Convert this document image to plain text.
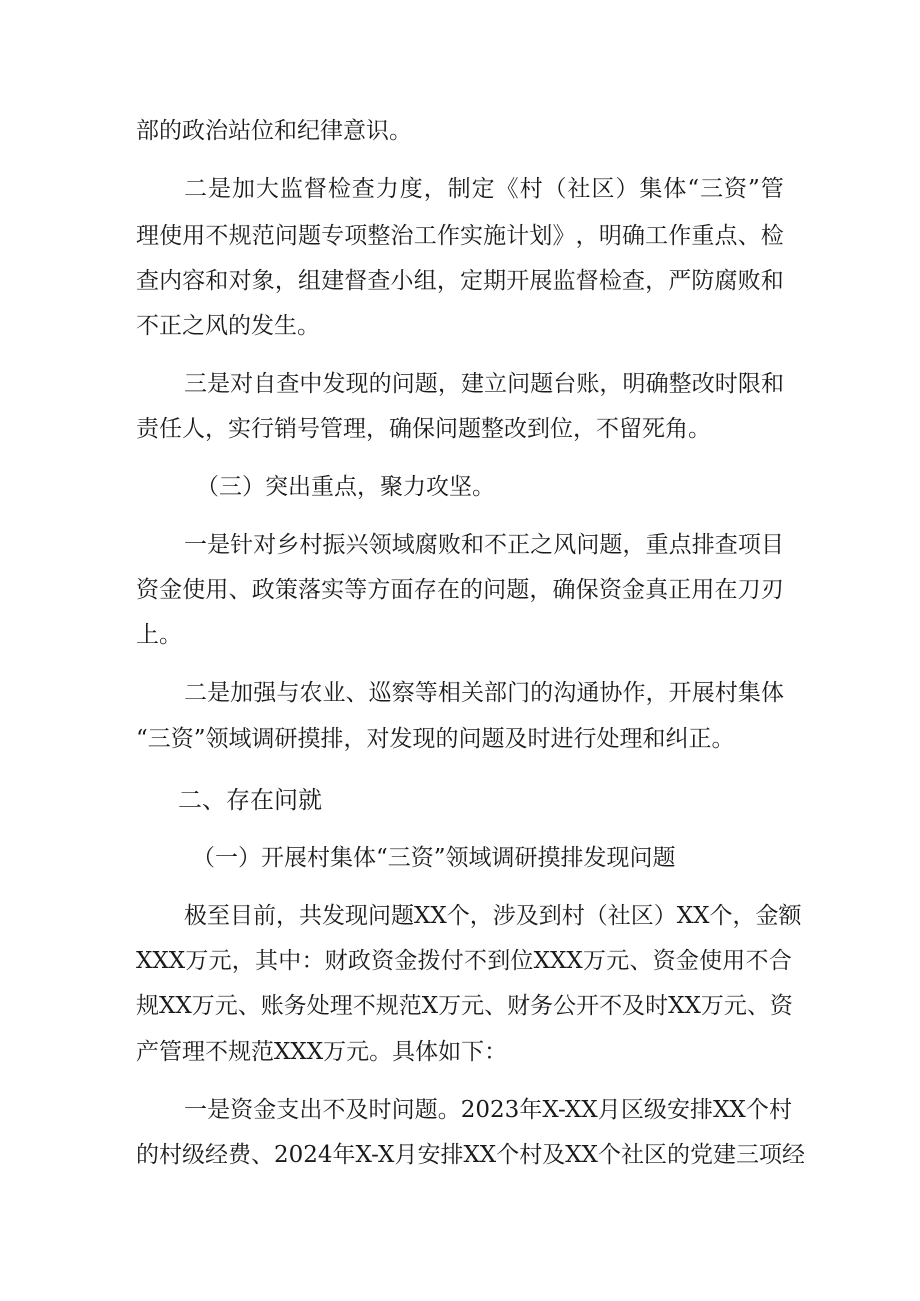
部的政治站位和纪律意识。
二 是 加 大 监 督 检 查 力 度 ， 制 定 《 村 （ 社 区 ） 集 体 “ 三 资 ” 管
理 使 用 不 规 范 问 题 专 项 整 治 工 作 实 施 计 划 》 ， 明 确 工 作 重 点 、 检
查 内 容 和 对 象 ， 组 建 督 查 小 组 ， 定 期 开 展 监 督 检 查 ， 严 防 腐 败 和
不正之风的发生。
三 是 对 自 查 中 发 现 的 问 题 ， 建 立 问 题 台 账 ， 明 确 整 改 时 限 和
责任人，实行销号管理，确保问题整改到位，不留死角。
（三）突出重点，聚力攻坚。
一 是 针 对 乡 村 振 兴 领 域 腐 败 和 不 正 之 风 问 题 ， 重 点 排 查 项 目
资 金 使 用 、 政 策 落 实 等 方 面 存 在 的 问 题 ， 确 保 资 金 真 正 用 在 刀 刃
上。
二 是 加 强 与 农 业 、 巡 察 等 相 关 部 门 的 沟 通 协 作 ， 开 展 村 集 体
“三资”领域调研摸排，对发现的问题及时进行处理和纠正。
二、存在问就
（一）开展村集体“三资”领域调研摸排发现问题
极 至 目 前 ， 共 发 现 问 题 XX 个 ， 涉 及 到 村 （ 社 区 ） XX 个 ， 金 额
XXX 万 元 ， 其 中 ： 财 政 资 金 拨 付 不 到 位 XXX 万 元 、 资 金 使 用 不 合
规 XX 万 元 、 账 务 处 理 不 规 范 X 万 元 、 财 务 公 开 不 及 时 XX 万 元 、 资
产管理不规范XXX万元。具体如下：
一 是 资 金 支 出 不 及 时 问 题 。 2023 年 X-XX 月 区 级 安 排 XX 个 村
的 村 级 经 费 、 2024 年 X-X 月 安 排 XX 个 村 及 XX 个 社 区 的 党 建 三 项 经
